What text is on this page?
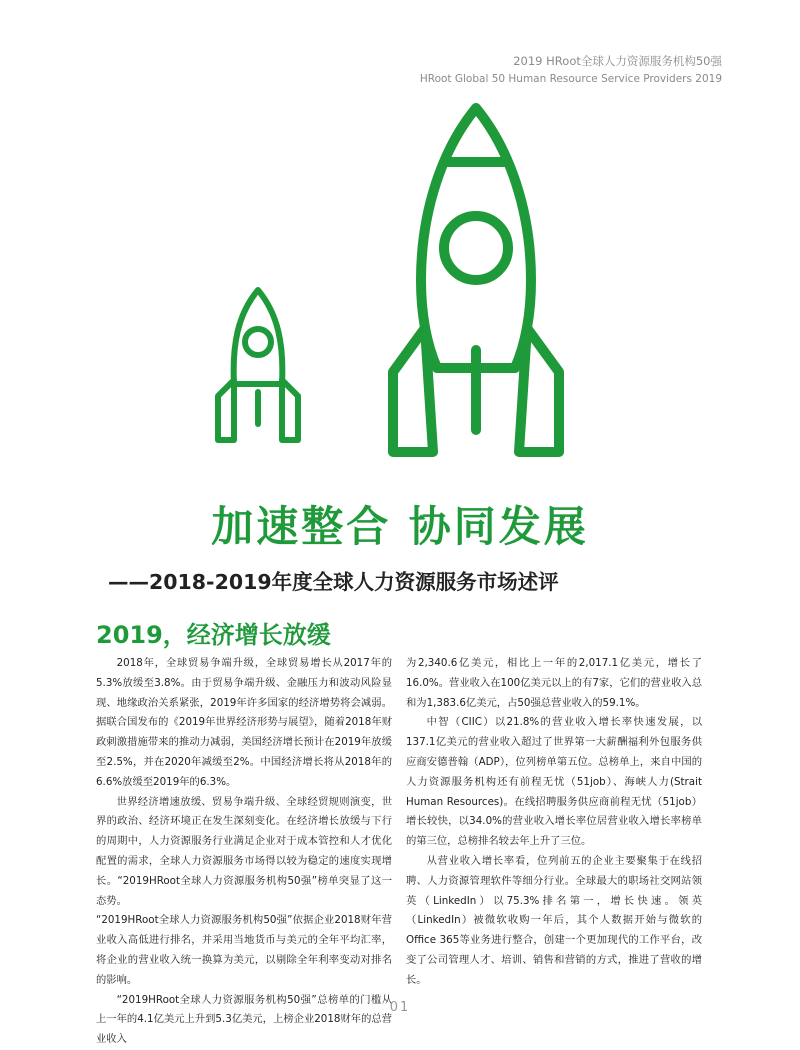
2019 HRoot全球人力资源服务机构50强
HRoot Global 50 Human Resource Service Providers 2019
加速整合 协同发展
——2018-2019年度全球人力资源服务市场述评
2019，经济增长放缓

2018年，全球贸易争端升级，全球贸易增长从2017年的5.3%放缓至3.8%。由于贸易争端升级、金融压力和波动风险显现、地缘政治关系紧张，2019年许多国家的经济增势将会减弱。据联合国发布的《2019年世界经济形势与展望》，随着2018年财政刺激措施带来的推动力减弱，美国经济增长预计在2019年放缓至2.5%，并在2020年减缓至2%。中国经济增长将从2018年的6.6%放缓至2019年的6.3%。

世界经济增速放缓、贸易争端升级、全球经贸规则演变，世界的政治、经济环境正在发生深刻变化。在经济增长放缓与下行的周期中，人力资源服务行业满足企业对于成本管控和人才优化配置的需求，全球人力资源服务市场得以较为稳定的速度实现增长。“2019HRoot全球人力资源服务机构50强”榜单突显了这一态势。

“2019HRoot全球人力资源服务机构50强”依据企业2018财年营业收入高低进行排名，并采用当地货币与美元的全年平均汇率，将企业的营业收入统一换算为美元，以剔除全年利率变动对排名的影响。

“2019HRoot全球人力资源服务机构50强”总榜单的门槛从上一年的4.1亿美元上升到5.3亿美元，上榜企业2018财年的总营业收入

为2,340.6亿美元，相比上一年的2,017.1亿美元，增长了16.0%。营业收入在100亿美元以上的有7家，它们的营业收入总和为1,383.6亿美元，占50强总营业收入的59.1%。

中智（CIIC）以21.8%的营业收入增长率快速发展，以137.1亿美元的营业收入超过了世界第一大薪酬福利外包服务供应商安德普翰（ADP），位列榜单第五位。总榜单上，来自中国的人力资源服务机构还有前程无忧（51job）、海峡人力(Strait Human Resources)。在线招聘服务供应商前程无忧（51job）增长较快，以34.0%的营业收入增长率位居营业收入增长率榜单的第三位，总榜排名较去年上升了三位。

从营业收入增长率看，位列前五的企业主要聚集于在线招聘、人力资源管理软件等细分行业。全球最大的职场社交网站领英（LinkedIn）以75.3%排名第一，增长快速。领英（LinkedIn）被微软收购一年后，其个人数据开始与微软的Office 365等业务进行整合，创建一个更加现代的工作平台，改变了公司管理人才、培训、销售和营销的方式，推进了营收的增长。

01
